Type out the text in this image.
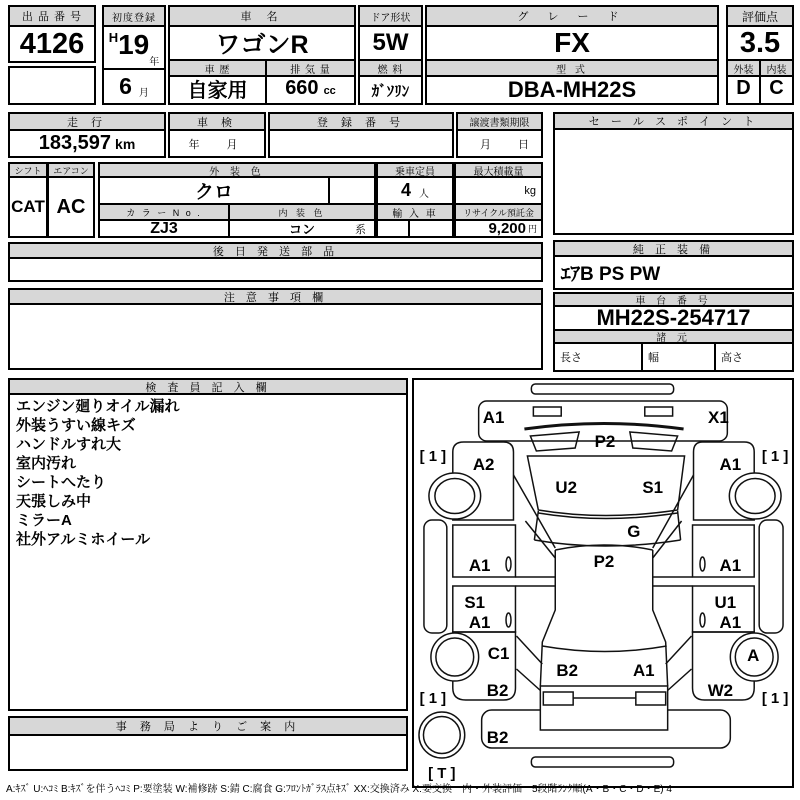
出 品 番 号
4126
初度登録
H 19
年
6 月
車 名
ワゴンR
車 歴
自家用
排 気 量
660 cc
ドア形状
5W
燃 料
ｶﾞｿﾘﾝ
グ レ ー ド
FX
型 式
DBA-MH22S
評価点
3.5
外装
D
内装
C
走 行
183,597 km
車 検
年　月
登 録 番 号	譲渡書類期限
月　日
セ ー ル ス ポ イ ン ト
シフト
CAT
エアコン
AC
外 装 色
クロ
カ ラ ー N o .	内 装 色
ZJ3	コン	系
乗車定員
4 人
輸 入 車
最大積載量
kg
リサイクル預託金
9,200 円
後 日 発 送 部 品	純 正 装 備
ｴｱB PS PW
注 意 事 項 欄	車 台 番 号
MH22S-254717
諸 元
長さ	幅	高さ
検 査 員 記 入 欄
エンジン廻りオイル漏れ
外装うすい線キズ
ハンドルすれ大
室内汚れ
シートへたり
天張しみ中
ミラーA
社外アルミホイール
事 務 局 よ り ご 案 内
A1	X1
P2
A2	A1
U2	S1
G
P2
A1	A1
S1	U1
A1	A1
C1	A
B2	A1
B2	W2
B2
[ 1 ]	[ 1 ]
[ 1 ]	[ 1 ]
[ T ]
A:ｷｽﾞ U:ﾍｺﾐ B:ｷｽﾞを伴うﾍｺﾐ P:要塗装 W:補修跡 S:錆 C:腐食 G:ﾌﾛﾝﾄｶﾞﾗｽ点ｷｽﾞ XX:交換済み X:要交換　内・外装評価　5段階ﾗﾝｸ順(A・B・C・D・E) 4
